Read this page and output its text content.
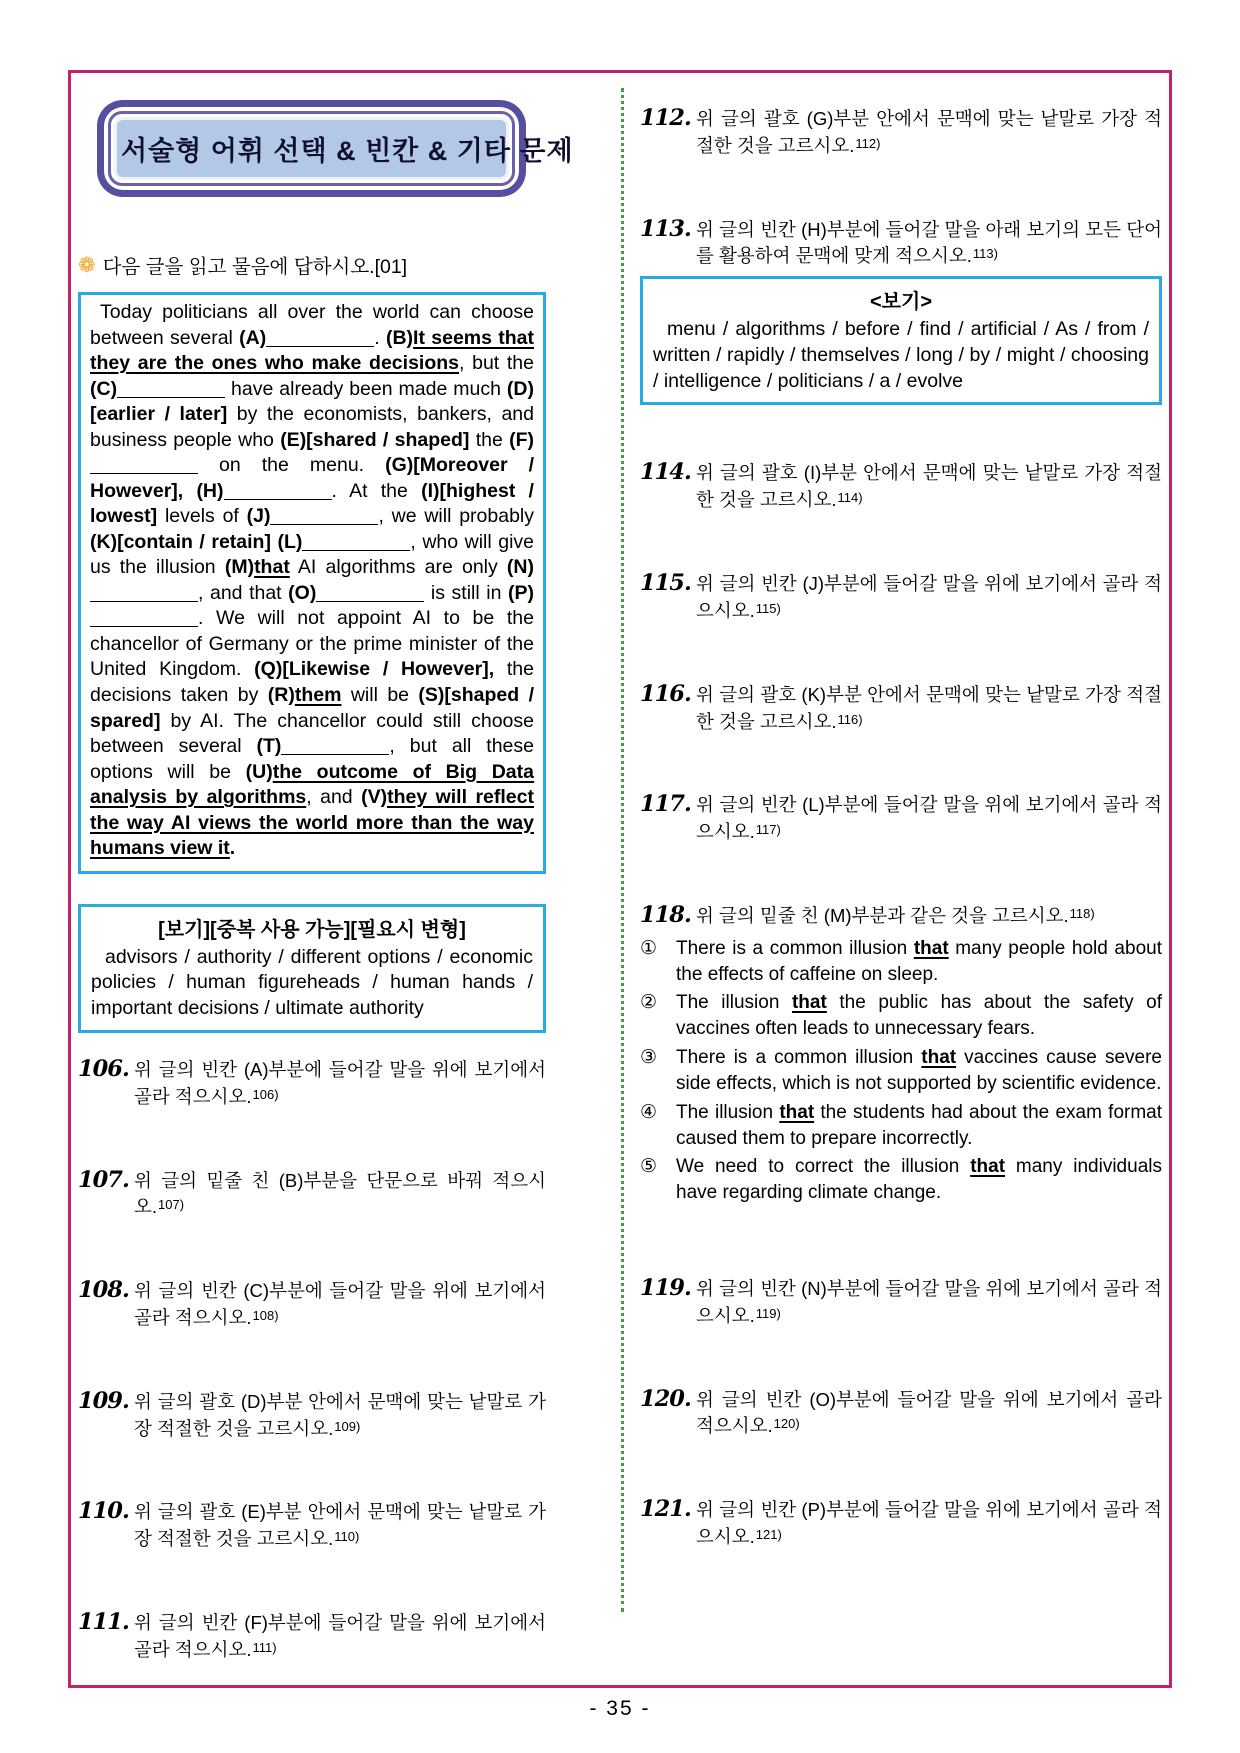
서술형 어휘 선택 & 빈칸 & 기타 문제
❁ 다음 글을 읽고 물음에 답하시오.[01]
Today politicians all over the world can choose between several (A)	. (B)It seems that they are the ones who make decisions, but the (C)	have already been made much (D)[earlier / later] by the economists, bankers, and business people who (E)[shared / shaped] the (F) on the menu. (G)[Moreover / However], (H)	. At the (I)[highest / lowest] levels of (J)	, we will probably (K)[contain / retain] (L)	, who will give us the illusion (M)that AI algorithms are only (N), and that (O)	is still in (P). We will not appoint AI to be the chancellor of Germany or the prime minister of the United Kingdom. (Q)[Likewise / However], the decisions taken by (R)them will be (S)[shaped / spared] by AI. The chancellor could still choose between several (T)	, but all these options will be (U)the outcome of Big Data analysis by algorithms, and (V)they will reflect the way AI views the world more than the way humans view it.
[보기][중복 사용 가능][필요시 변형]
advisors / authority / different options / economic policies / human figureheads / human hands / important decisions / ultimate authority
106. 위 글의 빈칸 (A)부분에 들어갈 말을 위에 보기에서 골라 적으시오.$^{106)}$
107. 위 글의 밑줄 친 (B)부분을 단문으로 바꿔 적으시오.$^{107)}$
108. 위 글의 빈칸 (C)부분에 들어갈 말을 위에 보기에서 골라 적으시오.$^{108)}$
109. 위 글의 괄호 (D)부분 안에서 문맥에 맞는 낱말로 가장 적절한 것을 고르시오.$^{109)}$
110. 위 글의 괄호 (E)부분 안에서 문맥에 맞는 낱말로 가장 적절한 것을 고르시오.$^{110)}$
111. 위 글의 빈칸 (F)부분에 들어갈 말을 위에 보기에서 골라 적으시오.$^{111)}$
112. 위 글의 괄호 (G)부분 안에서 문맥에 맞는 낱말로 가장 적절한 것을 고르시오.$^{112)}$
113. 위 글의 빈칸 (H)부분에 들어갈 말을 아래 보기의 모든 단어를 활용하여 문맥에 맞게 적으시오.$^{113)}$
<보기>
menu / algorithms / before / find / artificial / As / from / written / rapidly / themselves / long / by / might / choosing / intelligence / politicians / a / evolve
114. 위 글의 괄호 (I)부분 안에서 문맥에 맞는 낱말로 가장 적절한 것을 고르시오.$^{114)}$
115. 위 글의 빈칸 (J)부분에 들어갈 말을 위에 보기에서 골라 적으시오.$^{115)}$
116. 위 글의 괄호 (K)부분 안에서 문맥에 맞는 낱말로 가장 적절한 것을 고르시오.$^{116)}$
117. 위 글의 빈칸 (L)부분에 들어갈 말을 위에 보기에서 골라 적으시오.$^{117)}$
118. 위 글의 밑줄 친 (M)부분과 같은 것을 고르시오.$^{118)}$
① There is a common illusion that many people hold about the effects of caffeine on sleep.
② The illusion that the public has about the safety of vaccines often leads to unnecessary fears.
③ There is a common illusion that vaccines cause severe side effects, which is not supported by scientific evidence.
④ The illusion that the students had about the exam format caused them to prepare incorrectly.
⑤ We need to correct the illusion that many individuals have regarding climate change.
119. 위 글의 빈칸 (N)부분에 들어갈 말을 위에 보기에서 골라 적으시오.$^{119)}$
120. 위 글의 빈칸 (O)부분에 들어갈 말을 위에 보기에서 골라 적으시오.$^{120)}$
121. 위 글의 빈칸 (P)부분에 들어갈 말을 위에 보기에서 골라 적으시오.$^{121)}$
- 35 -
